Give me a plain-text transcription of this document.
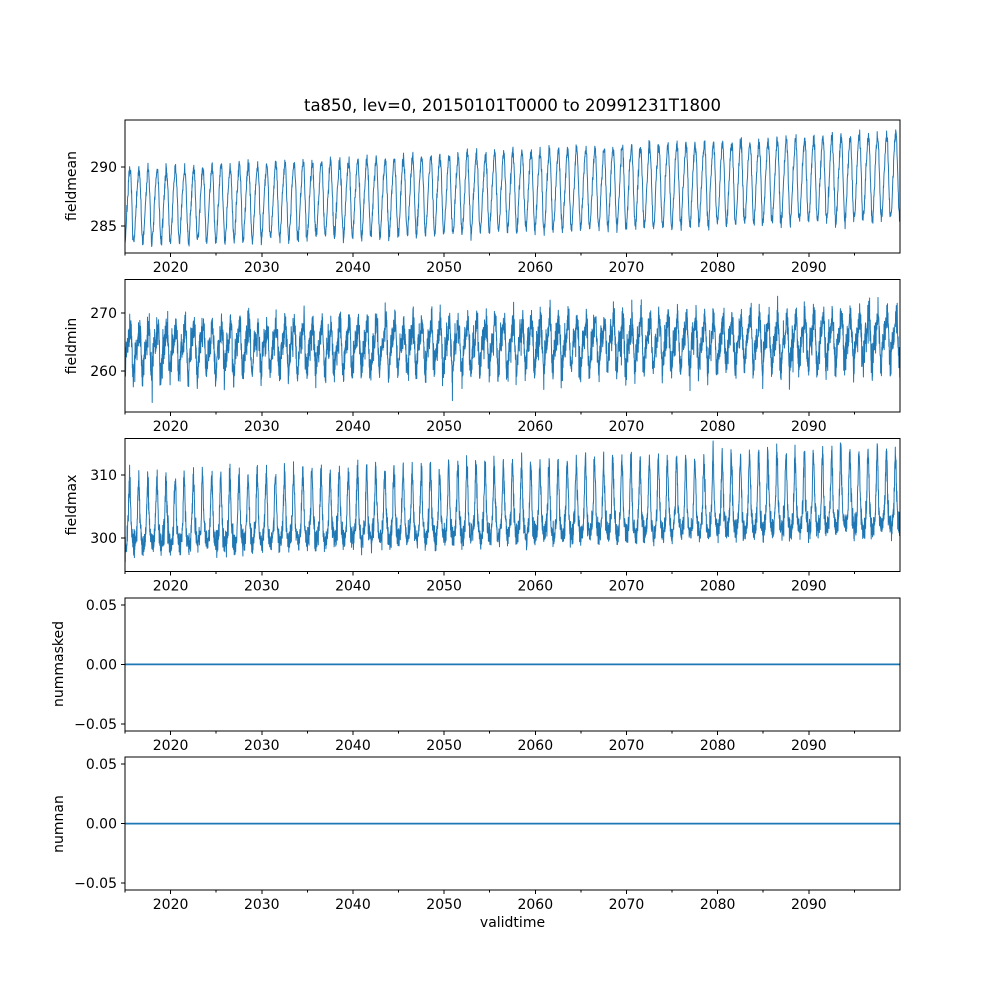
ta850, lev=0, 20150101T0000 to 20991231T1800
fieldmean
fieldmin
fieldmax
nummasked
numnan
validtime
2020	2030	2040	2050	2060	2070	2080	2090
285
290
2020	2030	2040	2050	2060	2070	2080	2090
260
270
2020	2030	2040	2050	2060	2070	2080	2090
300
310
2020	2030	2040	2050	2060	2070	2080	2090
0.05
0.00
−0.05
2020	2030	2040	2050	2060	2070	2080	2090
0.05
0.00
−0.05
